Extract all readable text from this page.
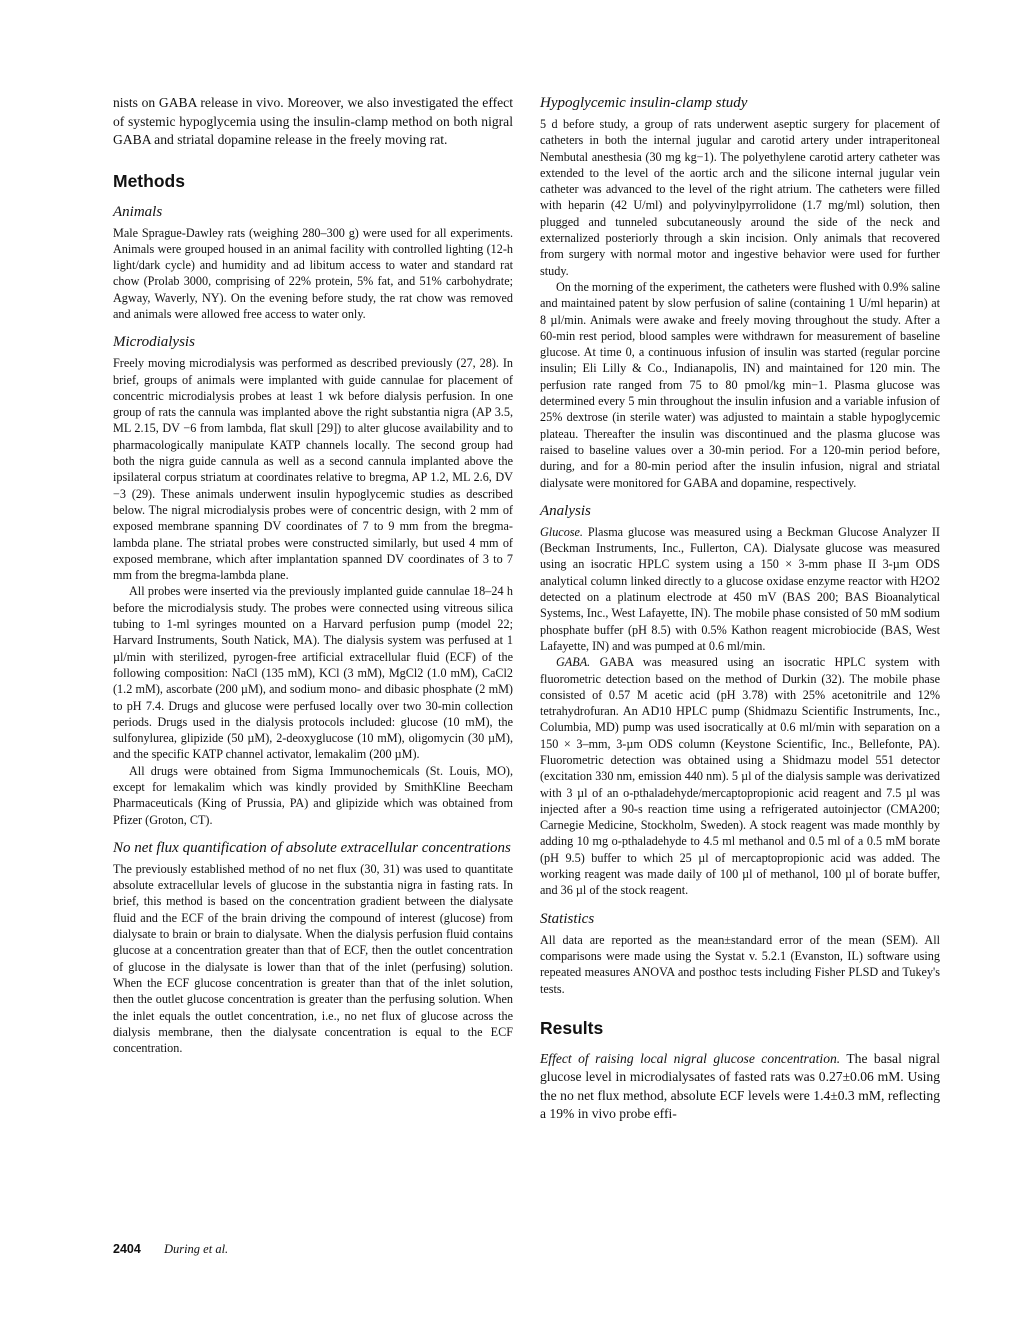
nists on GABA release in vivo. Moreover, we also investigated the effect of systemic hypoglycemia using the insulin-clamp method on both nigral GABA and striatal dopamine release in the freely moving rat.

Methods
Animals

Male Sprague-Dawley rats (weighing 280–300 g) were used for all experiments. Animals were grouped housed in an animal facility with controlled lighting (12-h light/dark cycle) and humidity and ad libitum access to water and standard rat chow (Prolab 3000, comprising of 22% protein, 5% fat, and 51% carbohydrate; Agway, Waverly, NY). On the evening before study, the rat chow was removed and animals were allowed free access to water only.

Microdialysis

Freely moving microdialysis was performed as described previously (27, 28). In brief, groups of animals were implanted with guide cannulae for placement of concentric microdialysis probes at least 1 wk before dialysis perfusion. In one group of rats the cannula was implanted above the right substantia nigra (AP 3.5, ML 2.15, DV −6 from lambda, flat skull [29]) to alter glucose availability and to pharmacologically manipulate KATP channels locally. The second group had both the nigra guide cannula as well as a second cannula implanted above the ipsilateral corpus striatum at coordinates relative to bregma, AP 1.2, ML 2.6, DV −3 (29). These animals underwent insulin hypoglycemic studies as described below. The nigral microdialysis probes were of concentric design, with 2 mm of exposed membrane spanning DV coordinates of 7 to 9 mm from the bregma-lambda plane. The striatal probes were constructed similarly, but used 4 mm of exposed membrane, which after implantation spanned DV coordinates of 3 to 7 mm from the bregma-lambda plane.

All probes were inserted via the previously implanted guide cannulae 18–24 h before the microdialysis study. The probes were connected using vitreous silica tubing to 1-ml syringes mounted on a Harvard perfusion pump (model 22; Harvard Instruments, South Natick, MA). The dialysis system was perfused at 1 µl/min with sterilized, pyrogen-free artificial extracellular fluid (ECF) of the following composition: NaCl (135 mM), KCl (3 mM), MgCl2 (1.0 mM), CaCl2 (1.2 mM), ascorbate (200 µM), and sodium mono- and dibasic phosphate (2 mM) to pH 7.4. Drugs and glucose were perfused locally over two 30-min collection periods. Drugs used in the dialysis protocols included: glucose (10 mM), the sulfonylurea, glipizide (50 µM), 2-deoxyglucose (10 mM), oligomycin (30 µM), and the specific KATP channel activator, lemakalim (200 µM).

All drugs were obtained from Sigma Immunochemicals (St. Louis, MO), except for lemakalim which was kindly provided by SmithKline Beecham Pharmaceuticals (King of Prussia, PA) and glipizide which was obtained from Pfizer (Groton, CT).

No net flux quantification of absolute extracellular concentrations

The previously established method of no net flux (30, 31) was used to quantitate absolute extracellular levels of glucose in the substantia nigra in fasting rats. In brief, this method is based on the concentration gradient between the dialysate fluid and the ECF of the brain driving the compound of interest (glucose) from dialysate to brain or brain to dialysate. When the dialysis perfusion fluid contains glucose at a concentration greater than that of ECF, then the outlet concentration of glucose in the dialysate is lower than that of the inlet (perfusing) solution. When the ECF glucose concentration is greater than that of the inlet solution, then the outlet glucose concentration is greater than the perfusing solution. When the inlet equals the outlet concentration, i.e., no net flux of glucose across the dialysis membrane, then the dialysate concentration is equal to the ECF concentration.

Hypoglycemic insulin-clamp study

5 d before study, a group of rats underwent aseptic surgery for placement of catheters in both the internal jugular and carotid artery under intraperitoneal Nembutal anesthesia (30 mg kg−1). The polyethylene carotid artery catheter was extended to the level of the aortic arch and the silicone internal jugular vein catheter was advanced to the level of the right atrium. The catheters were filled with heparin (42 U/ml) and polyvinylpyrrolidone (1.7 mg/ml) solution, then plugged and tunneled subcutaneously around the side of the neck and externalized posteriorly through a skin incision. Only animals that recovered from surgery with normal motor and ingestive behavior were used for further study.

On the morning of the experiment, the catheters were flushed with 0.9% saline and maintained patent by slow perfusion of saline (containing 1 U/ml heparin) at 8 µl/min. Animals were awake and freely moving throughout the study. After a 60-min rest period, blood samples were withdrawn for measurement of baseline glucose. At time 0, a continuous infusion of insulin was started (regular porcine insulin; Eli Lilly & Co., Indianapolis, IN) and maintained for 120 min. The perfusion rate ranged from 75 to 80 pmol/kg min−1. Plasma glucose was determined every 5 min throughout the insulin infusion and a variable infusion of 25% dextrose (in sterile water) was adjusted to maintain a stable hypoglycemic plateau. Thereafter the insulin was discontinued and the plasma glucose was raised to baseline values over a 30-min period. For a 120-min period before, during, and for a 80-min period after the insulin infusion, nigral and striatal dialysate were monitored for GABA and dopamine, respectively.

Analysis

Glucose. Plasma glucose was measured using a Beckman Glucose Analyzer II (Beckman Instruments, Inc., Fullerton, CA). Dialysate glucose was measured using an isocratic HPLC system using a 150 × 3-mm phase II 3-µm ODS analytical column linked directly to a glucose oxidase enzyme reactor with H2O2 detected on a platinum electrode at 450 mV (BAS 200; BAS Bioanalytical Systems, Inc., West Lafayette, IN). The mobile phase consisted of 50 mM sodium phosphate buffer (pH 8.5) with 0.5% Kathon reagent microbiocide (BAS, West Lafayette, IN) and was pumped at 0.6 ml/min.

GABA. GABA was measured using an isocratic HPLC system with fluorometric detection based on the method of Durkin (32). The mobile phase consisted of 0.57 M acetic acid (pH 3.78) with 25% acetonitrile and 12% tetrahydrofuran. An AD10 HPLC pump (Shidmazu Scientific Instruments, Inc., Columbia, MD) pump was used isocratically at 0.6 ml/min with separation on a 150 × 3–mm, 3-µm ODS column (Keystone Scientific, Inc., Bellefonte, PA). Fluorometric detection was obtained using a Shidmazu model 551 detector (excitation 330 nm, emission 440 nm). 5 µl of the dialysis sample was derivatized with 3 µl of an o-pthaladehyde/mercaptopropionic acid reagent and 7.5 µl was injected after a 90-s reaction time using a refrigerated autoinjector (CMA200; Carnegie Medicine, Stockholm, Sweden). A stock reagent was made monthly by adding 10 mg o-pthaladehyde to 4.5 ml methanol and 0.5 ml of a 0.5 mM borate (pH 9.5) buffer to which 25 µl of mercaptopropionic acid was added. The working reagent was made daily of 100 µl of methanol, 100 µl of borate buffer, and 36 µl of the stock reagent.

Statistics

All data are reported as the mean±standard error of the mean (SEM). All comparisons were made using the Systat v. 5.2.1 (Evanston, IL) software using repeated measures ANOVA and posthoc tests including Fisher PLSD and Tukey's tests.

Results

Effect of raising local nigral glucose concentration. The basal nigral glucose level in microdialysates of fasted rats was 0.27±0.06 mM. Using the no net flux method, absolute ECF levels were 1.4±0.3 mM, reflecting a 19% in vivo probe effi-

2404 During et al.
